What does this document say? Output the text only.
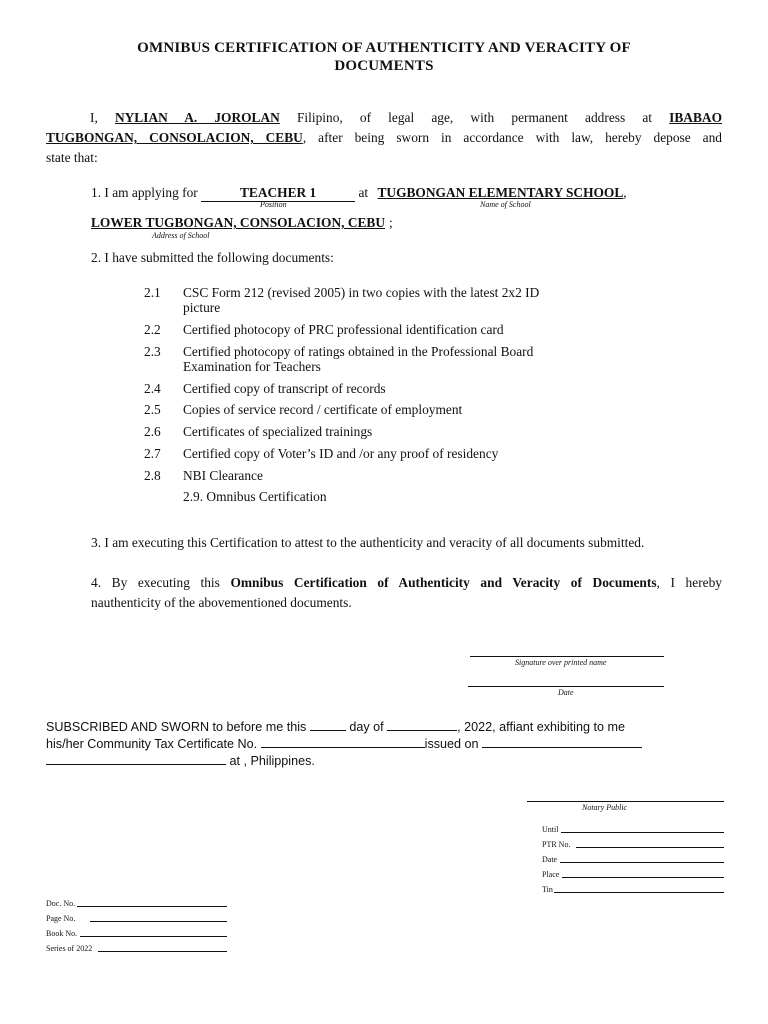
OMNIBUS CERTIFICATION OF AUTHENTICITY AND VERACITY OF
DOCUMENTS
I, NYLIAN A. JOROLAN Filipino, of legal age, with permanent address at IBABAO
TUGBONGAN, CONSOLACION, CEBU, after being sworn in accordance with law, hereby depose and
state that:
1. I am applying for	TEACHER 1	at TUGBONGAN ELEMENTARY SCHOOL,
Position	Name of School
LOWER TUGBONGAN, CONSOLACION, CEBU ;
Address of School
2. I have submitted the following documents:
2.1 CSC Form 212 (revised 2005) in two copies with the latest 2x2 ID
picture
2.2 Certified photocopy of PRC professional identification card
2.3 Certified photocopy of ratings obtained in the Professional Board
Examination for Teachers
2.4 Certified copy of transcript of records
2.5 Copies of service record / certificate of employment
2.6 Certificates of specialized trainings
2.7 Certified copy of Voter’s ID and /or any proof of residency
2.8 NBI Clearance
2.9. Omnibus Certification
3. I am executing this Certification to attest to the authenticity and veracity of all documents submitted.
4. By executing this Omnibus Certification of Authenticity and Veracity of Documents, I hereby
nauthenticity of the abovementioned documents.
Signature over printed name
Date
SUBSCRIBED AND SWORN to before me this	day of	, 2022, affiant exhibiting to me
his/her Community Tax Certificate No.	issued on
at , Philippines.
Notary Public
Until
PTR No.
Date
Place
Tin
Doc. No.
Page No.
Book No.
Series of 2022
